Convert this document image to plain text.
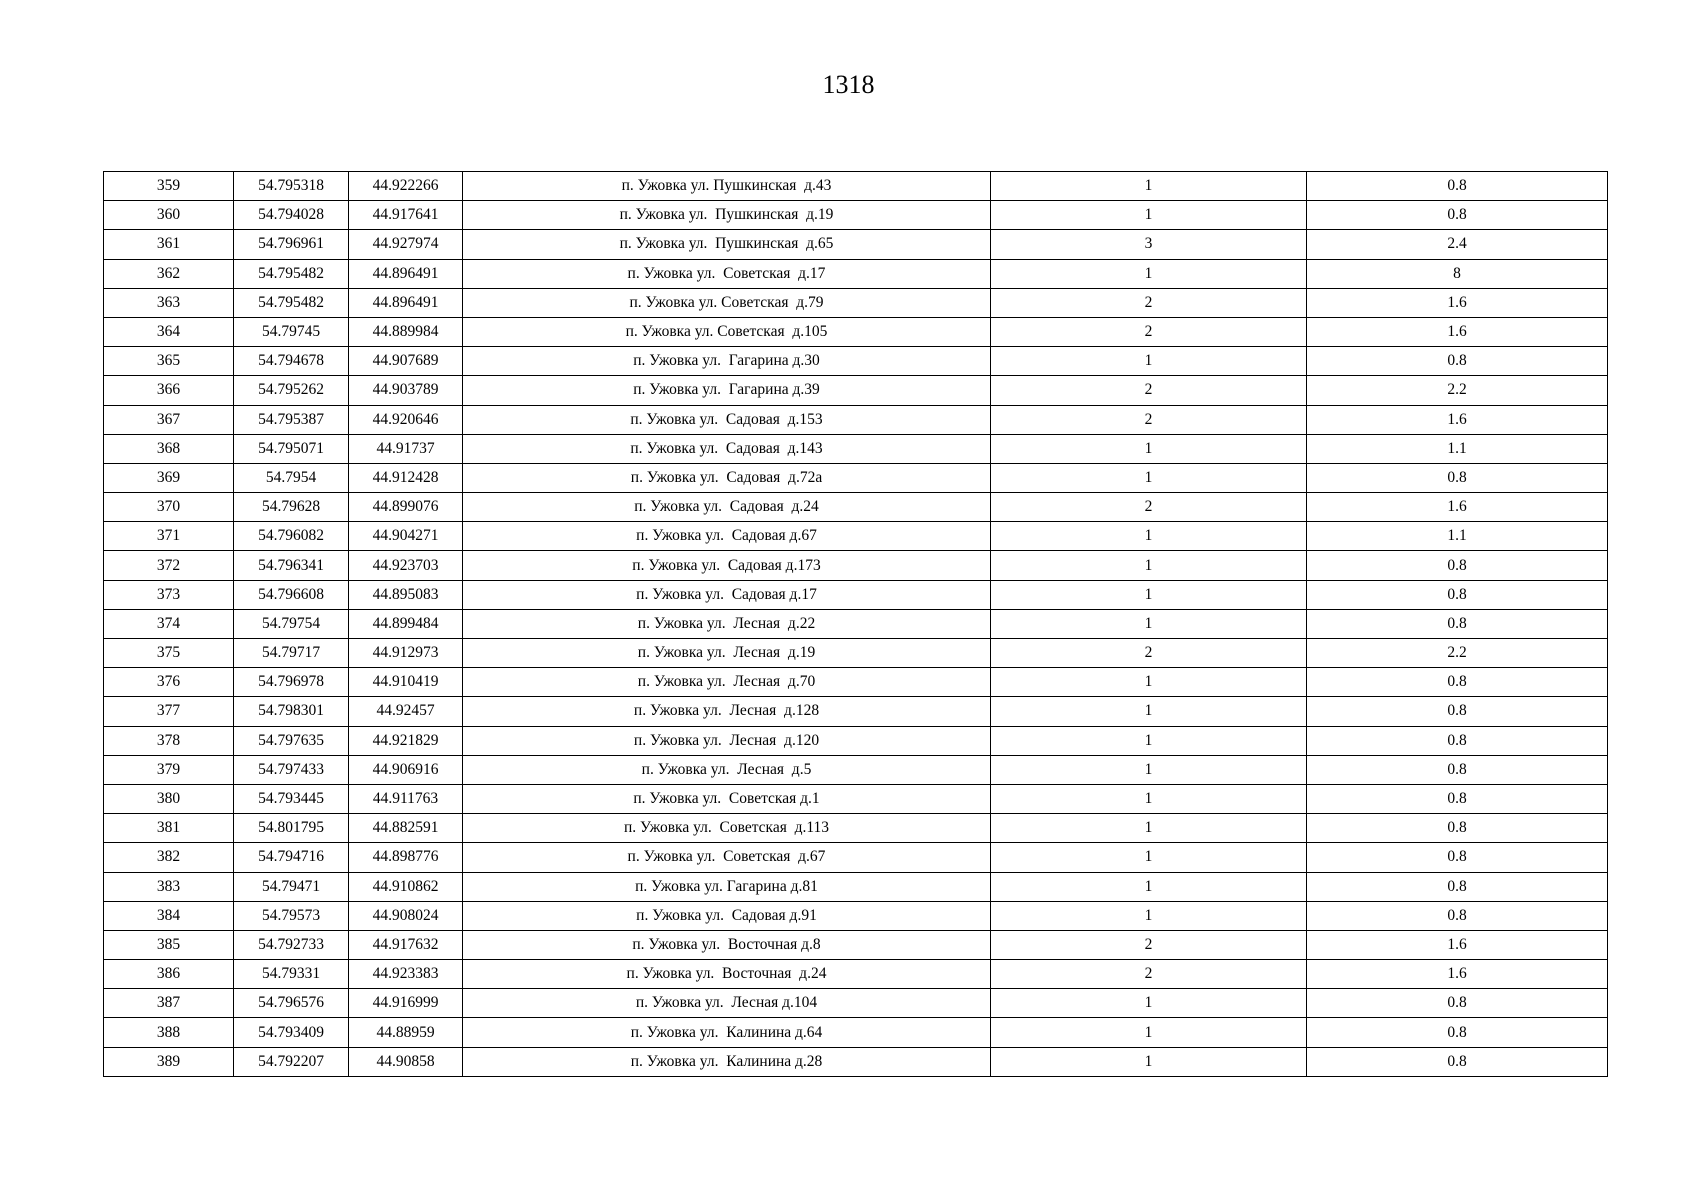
1318
359	54.795318	44.922266	п. Ужовка ул. Пушкинская  д.43	1	0.8
360	54.794028	44.917641	п. Ужовка ул.  Пушкинская  д.19	1	0.8
361	54.796961	44.927974	п. Ужовка ул.  Пушкинская  д.65	3	2.4
362	54.795482	44.896491	п. Ужовка ул.  Советская  д.17	1	8
363	54.795482	44.896491	п. Ужовка ул. Советская  д.79	2	1.6
364	54.79745	44.889984	п. Ужовка ул. Советская  д.105	2	1.6
365	54.794678	44.907689	п. Ужовка ул.  Гагарина д.30	1	0.8
366	54.795262	44.903789	п. Ужовка ул.  Гагарина д.39	2	2.2
367	54.795387	44.920646	п. Ужовка ул.  Садовая  д.153	2	1.6
368	54.795071	44.91737	п. Ужовка ул.  Садовая  д.143	1	1.1
369	54.7954	44.912428	п. Ужовка ул.  Садовая  д.72а	1	0.8
370	54.79628	44.899076	п. Ужовка ул.  Садовая  д.24	2	1.6
371	54.796082	44.904271	п. Ужовка ул.  Садовая д.67	1	1.1
372	54.796341	44.923703	п. Ужовка ул.  Садовая д.173	1	0.8
373	54.796608	44.895083	п. Ужовка ул.  Садовая д.17	1	0.8
374	54.79754	44.899484	п. Ужовка ул.  Лесная  д.22	1	0.8
375	54.79717	44.912973	п. Ужовка ул.  Лесная  д.19	2	2.2
376	54.796978	44.910419	п. Ужовка ул.  Лесная  д.70	1	0.8
377	54.798301	44.92457	п. Ужовка ул.  Лесная  д.128	1	0.8
378	54.797635	44.921829	п. Ужовка ул.  Лесная  д.120	1	0.8
379	54.797433	44.906916	п. Ужовка ул.  Лесная  д.5	1	0.8
380	54.793445	44.911763	п. Ужовка ул.  Советская д.1	1	0.8
381	54.801795	44.882591	п. Ужовка ул.  Советская  д.113	1	0.8
382	54.794716	44.898776	п. Ужовка ул.  Советская  д.67	1	0.8
383	54.79471	44.910862	п. Ужовка ул. Гагарина д.81	1	0.8
384	54.79573	44.908024	п. Ужовка ул.  Садовая д.91	1	0.8
385	54.792733	44.917632	п. Ужовка ул.  Восточная д.8	2	1.6
386	54.79331	44.923383	п. Ужовка ул.  Восточная  д.24	2	1.6
387	54.796576	44.916999	п. Ужовка ул.  Лесная д.104	1	0.8
388	54.793409	44.88959	п. Ужовка ул.  Калинина д.64	1	0.8
389	54.792207	44.90858	п. Ужовка ул.  Калинина д.28	1	0.8
